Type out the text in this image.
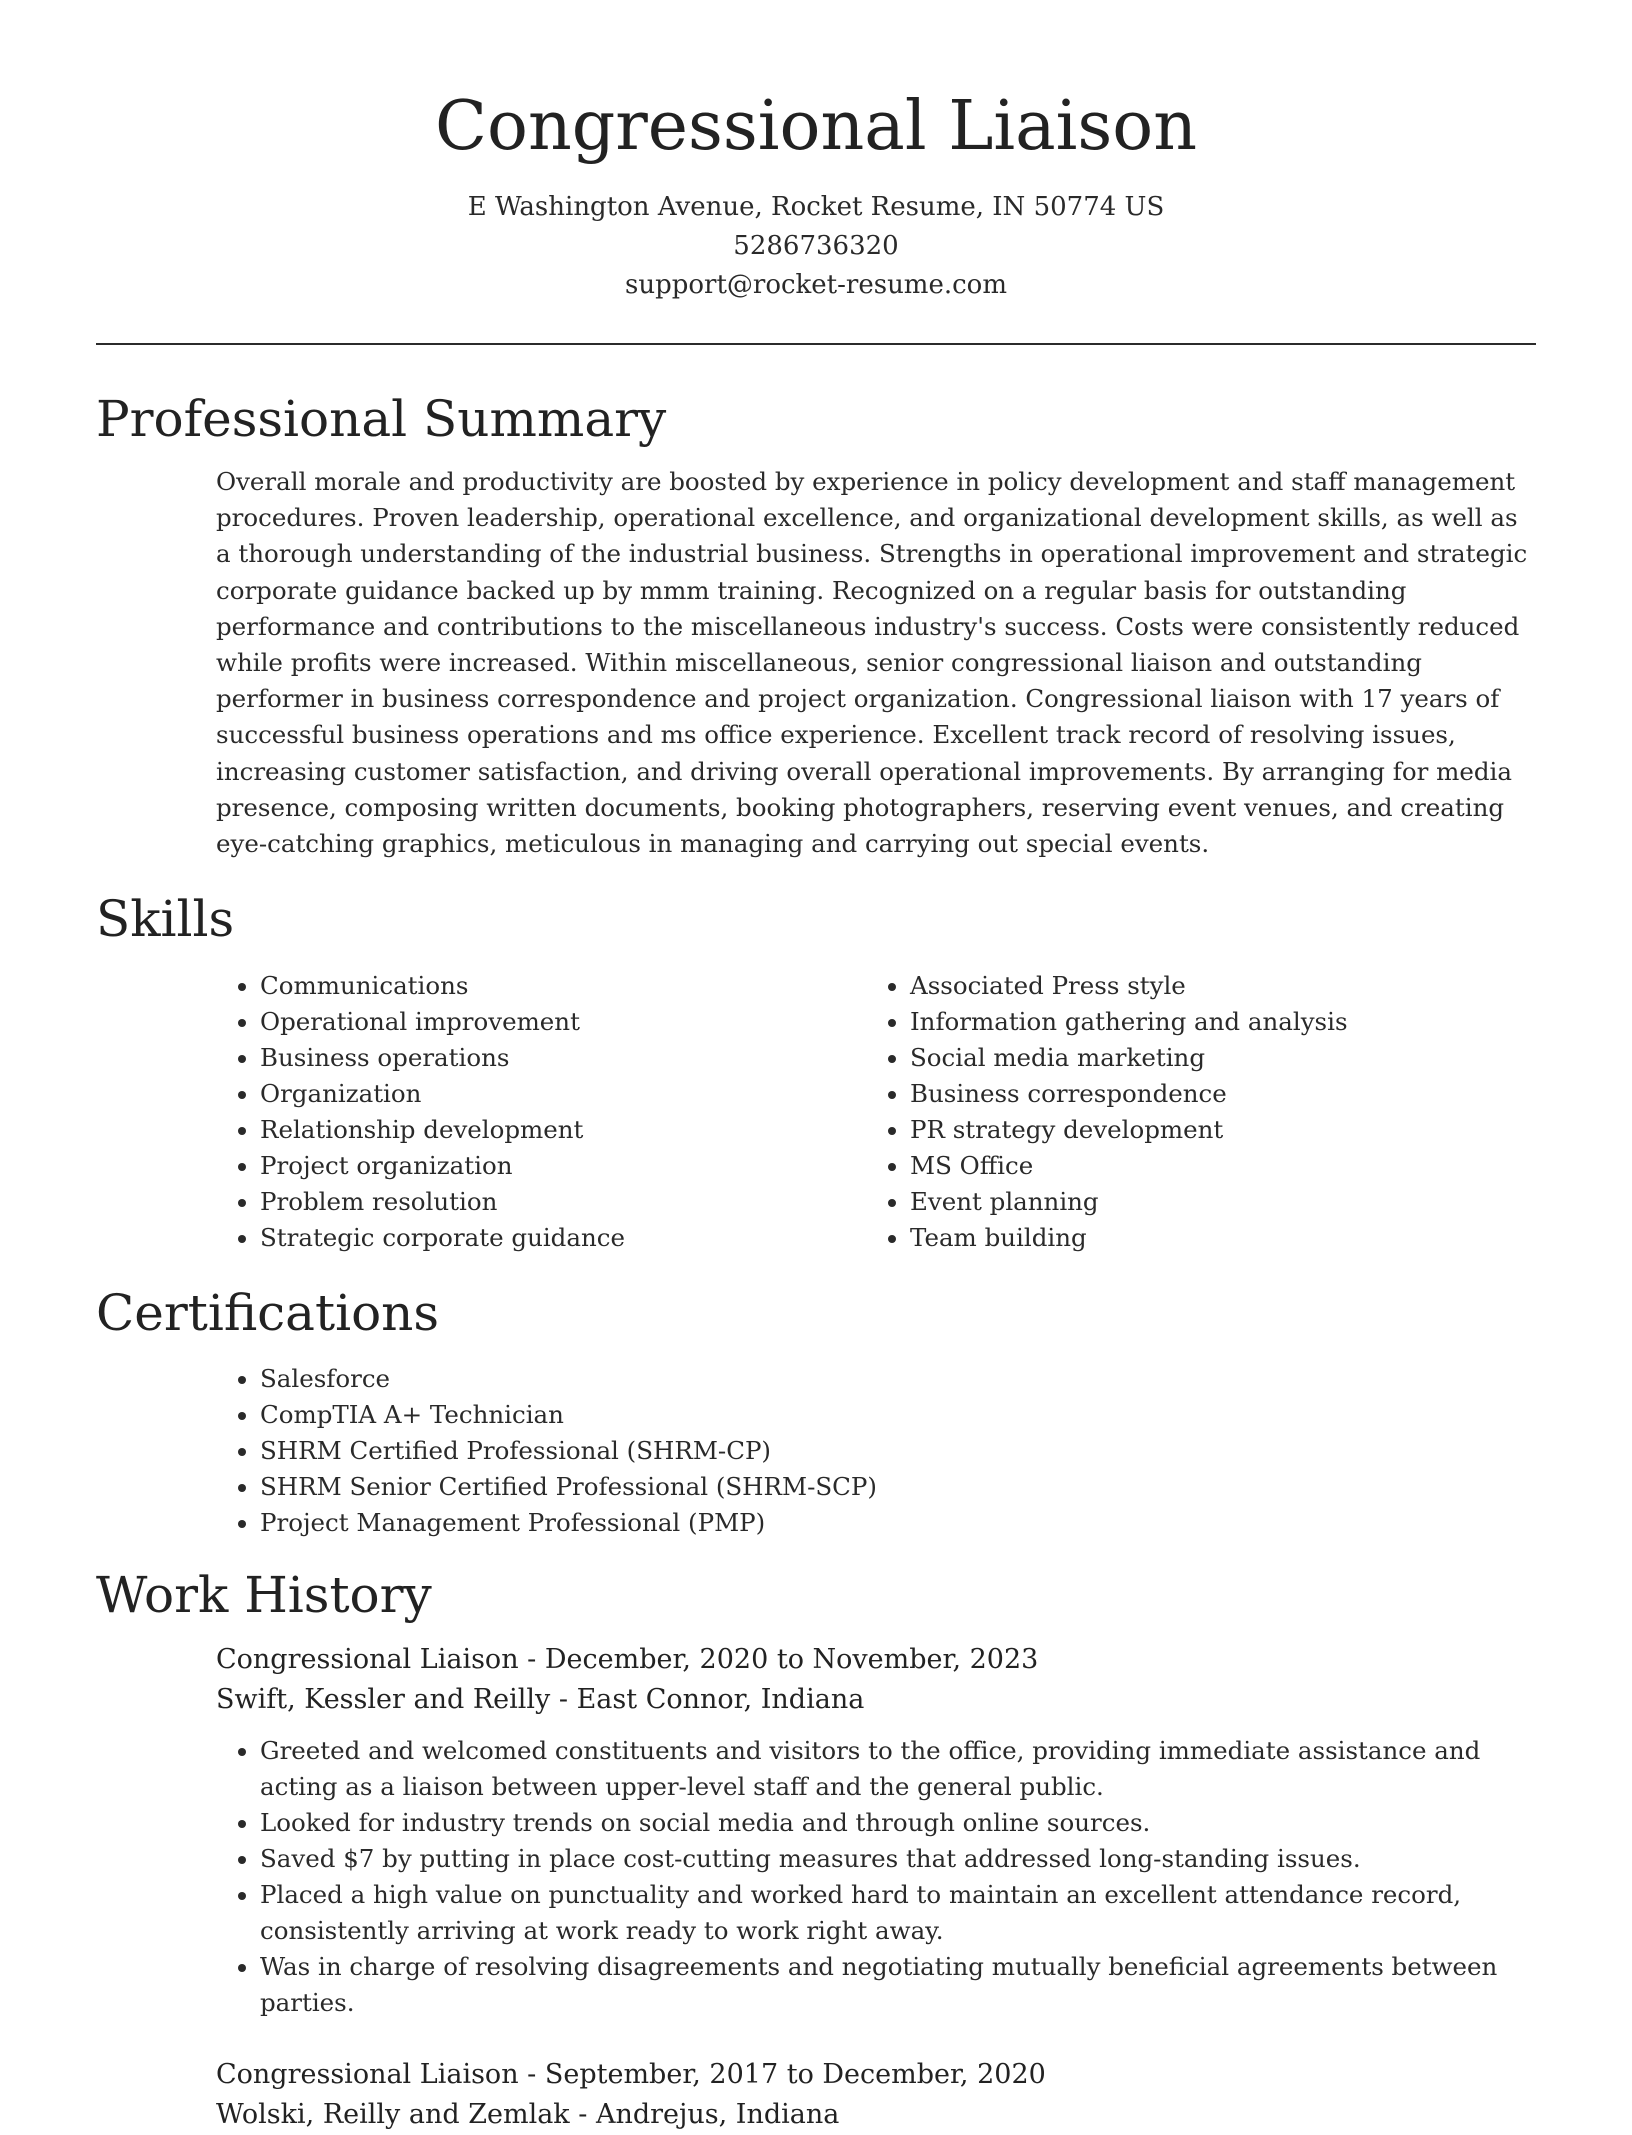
Congressional Liaison
E Washington Avenue, Rocket Resume, IN 50774 US
5286736320
support@rocket-resume.com
Professional Summary
Overall morale and productivity are boosted by experience in policy development and staff management procedures. Proven leadership, operational excellence, and organizational development skills, as well as a thorough understanding of the industrial business. Strengths in operational improvement and strategic corporate guidance backed up by mmm training. Recognized on a regular basis for outstanding performance and contributions to the miscellaneous industry's success. Costs were consistently reduced while profits were increased. Within miscellaneous, senior congressional liaison and outstanding performer in business correspondence and project organization. Congressional liaison with 17 years of successful business operations and ms office experience. Excellent track record of resolving issues, increasing customer satisfaction, and driving overall operational improvements. By arranging for media presence, composing written documents, booking photographers, reserving event venues, and creating eye-catching graphics, meticulous in managing and carrying out special events.
Skills
• Communications
• Operational improvement
• Business operations
• Organization
• Relationship development
• Project organization
• Problem resolution
• Strategic corporate guidance
• Associated Press style
• Information gathering and analysis
• Social media marketing
• Business correspondence
• PR strategy development
• MS Office
• Event planning
• Team building
Certifications
• Salesforce
• CompTIA A+ Technician
• SHRM Certified Professional (SHRM-CP)
• SHRM Senior Certified Professional (SHRM-SCP)
• Project Management Professional (PMP)
Work History
Congressional Liaison - December, 2020 to November, 2023
Swift, Kessler and Reilly - East Connor, Indiana
• Greeted and welcomed constituents and visitors to the office, providing immediate assistance and acting as a liaison between upper-level staff and the general public.
• Looked for industry trends on social media and through online sources.
• Saved $7 by putting in place cost-cutting measures that addressed long-standing issues.
• Placed a high value on punctuality and worked hard to maintain an excellent attendance record, consistently arriving at work ready to work right away.
• Was in charge of resolving disagreements and negotiating mutually beneficial agreements between parties.
Congressional Liaison - September, 2017 to December, 2020
Wolski, Reilly and Zemlak - Andrejus, Indiana
